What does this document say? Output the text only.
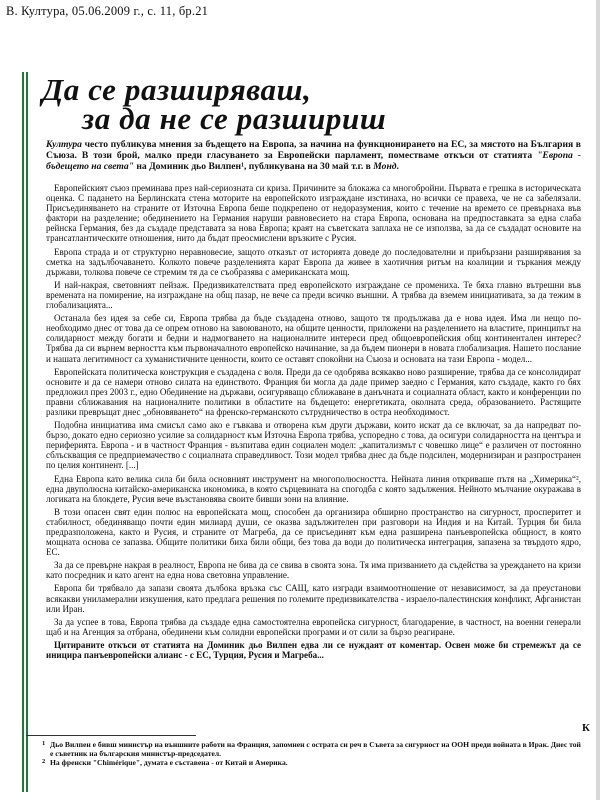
В. Култура, 05.06.2009 г., с. 11, бр.21
Да се разширяваш,
за да не се разшириш
Култура често публикува мнения за бъдещето на Европа, за начина на функционирането на ЕС, за мястото на България в Съюза. В този брой, малко преди гласуването за Европейски парламент, поместваме откъси от статията "Европа - бъдещето на света" на Доминик дьо Вилпен¹, публикувана на 30 май т.г. в Монд.

Европейският съюз преминава през най-сериозната си криза. Причините за блокажа са многобройни. Първата е грешка в историческата оценка. С падането на Берлинската стена моторите на европейското изграждане изстинаха, но всички се правеха, че не са забелязали. Присъединяването на страните от Източна Европа беше подкрепено от недоразумения, които с течение на времето се превърнаха във фактори на разделение; обединението на Германия наруши равновесието на стара Европа, основана на предпоставката за една слаба рейнска Германия, без да създаде представата за нова Европа; краят на съветската заплаха не се използва, за да се създадат основите на трансатлантическите отношения, нито да бъдат преосмислени връзките с Русия.

Европа страда и от структурно неравновесие, защото отказът от историята доведе до последователни и прибързани разширявания за сметка на задълбочаването. Колкото повече разделенията карат Европа да живее в хаотичния ритъм на коалиции и търкания между държави, толкова повече се стремим тя да се съобразява с американската мощ.

И най-накрая, световният пейзаж. Предизвикателствата пред европейското изграждане се промениха. Те бяха главно вътрешни във времената на помирение, на изграждане на общ пазар, не вече са преди всичко външни. А трябва да вземем инициативата, за да тежим в глобализацията...

Останала без идея за себе си, Европа трябва да бъде създадена отново, защото тя продължава да е нова идея. Има ли нещо по-необходимо днес от това да се опрем отново на завоюваното, на общите ценности, приложени на разделението на властите, принципът на солидарност между богати и бедни и надмогването на националните интереси пред общоевропейския общ континентален интерес? Трябва да си върнем верността към първоначалното европейско начинание, за да бъдем пионери в новата глобализация. Нашето послание и нашата легитимност са хуманистичните ценности, които се оставят спокойни на Съюза и основата на тази Европа - модел...

Европейската политическа конструкция е създадена с воля. Преди да се одобрява всякакво ново разширение, трябва да се консолидират основите и да се намери отново силата на единството. Франция би могла да даде пример заедно с Германия, като създаде, както го бях предложил през 2003 г., едно Обединение на държави, осигуряващо сближаване в данъчната и социалната област, както и конференции по правни сближавания на националните политики в областите на бъдещето: енергетиката, околната среда, образованието. Растящите разлики превръщат днес „обновяването“ на френско-германското сътрудничество в остра необходимост.

Подобна инициатива има смисъл само ако е гъвкава и отворена към други държави, които искат да се включат, за да напредват по-бързо, докато едно сериозно усилие за солидарност към Източна Европа трябва, успоредно с това, да осигури солидарността на центъра и периферията. Европа - и в частност Франция - възпитава един социален модел: „капитализмът с човешко лице“ е различен от постоянно сблъскващия се предприемачество с социалната справедливост. Този модел трябва днес да бъде подсилен, модернизиран и разпространен по целия континент. [...]

Една Европа като велика сила би била основният инструмент на многополюсността. Нейната линия откриваше пътя на „Химерика“², една двуполюсна китайско-американска икономика, в която сърцевината на спогодба с която задължения. Нейното мълчание окуражава в логиката на блокдете, Русия вече възстановява своите бивши зони на влияние.

В този опасен свят един полюс на европейската мощ, способен да организира обширно пространство на сигурност, просперитет и стабилност, обединяващо почти един милиард души, се оказва задължителен при разговори на Индия и на Китай. Турция би била предразположена, както и Русия, и страните от Магреба, да се присъединят към една разширена панъевропейска общност, в която мощната основа се запазва. Общите политики биха били общи, без това да води до политическа интеграция, запазена за твърдото ядро, ЕС.

За да се превърне накрая в реалност, Европа не бива да се свива в своята зона. Тя има призванието да съдейства за уреждането на кризи като посредник и като агент на една нова световна управление.

Европа би трябвало да запази своята дълбока връзка със САЩ, като изгради взаимоотношение от независимост, за да преустанови всякакви униламерални изкушения, като предлага решения по големите предизвикателства - израело-палестинския конфликт, Афганистан или Иран.

За да успее в това, Европа трябва да създаде една самостоятелна европейска сигурност, благодарение, в частност, на военни генерали щаб и на Агенция за отбрана, обединени към солидни европейски програми и от сили за бързо реагиране.

Цитираните откъси от статията на Доминик дьо Вилпен едва ли се нуждаят от коментар. Освен може би стремежът да се иницира панъевропейски алианс - с ЕС, Турция, Русия и Магреба...

К
1 Дьо Вилпен е бивш министър на външните работи на Франция, запомнен с острата си реч в Съвета за сигурност на ООН преди войната в Ирак. Днес той е съветник на българския министър-председател.
2 На френски "Chimérique", думата е съставена - от Китай и Америка.
